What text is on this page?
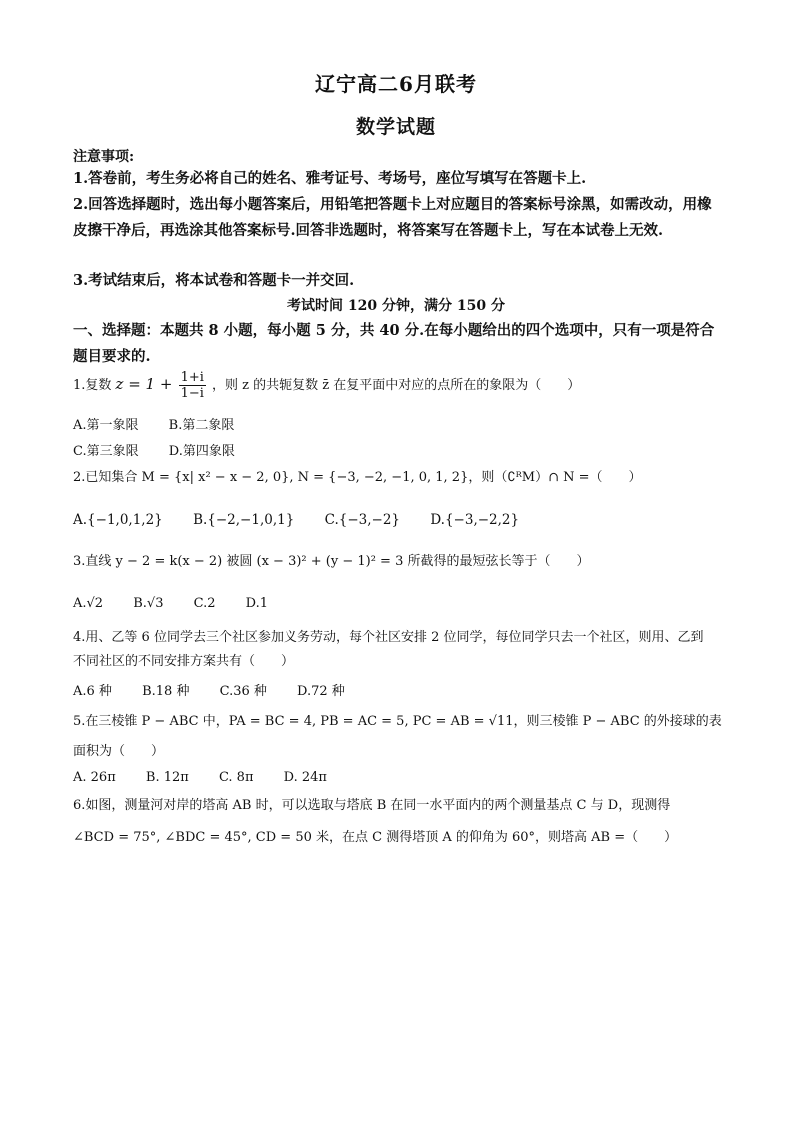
辽宁高二6月联考
数学试题
注意事项:
1.答卷前，考生务必将自己的姓名、雅考证号、考场号，座位写填写在答题卡上.
2.回答选择题时，选出每小题答案后，用铅笔把答题卡上对应题目的答案标号涂黑，如需改动，用橡皮擦干净后，再选涂其他答案标号.回答非选题时，将答案写在答题卡上，写在本试卷上无效.
3.考试结束后，将本试卷和答题卡一并交回.
考试时间 120 分钟，满分 150 分
一、选择题：本题共 8 小题，每小题 5 分，共 40 分.在每小题给出的四个选项中，只有一项是符合题目要求的.
1.复数 $z = 1 + \frac{1+i}{1-i}$ ，则 z 的共轭复数 z̄ 在复平面中对应的点所在的象限为（　　）
A.第一象限 B.第二象限
C.第三象限 D.第四象限
2.已知集合 M = {x| x² − x − 2, 0}, N = {−3, −2, −1, 0, 1, 2}，则（∁ᴿM）∩ N =（　　）
A.{−1,0,1,2} B.{−2,−1,0,1} C.{−3,−2} D.{−3,−2,2}
3.直线 y − 2 = k(x − 2) 被圆 (x − 3)² + (y − 1)² = 3 所截得的最短弦长等于（　　）
A.√2 B.√3 C.2 D.1
4.用、乙等 6 位同学去三个社区参加义务劳动，每个社区安排 2 位同学，每位同学只去一个社区，则用、乙到
不同社区的不同安排方案共有（　　）
A.6 种 B.18 种 C.36 种 D.72 种
5.在三棱锥 P − ABC 中，PA = BC = 4, PB = AC = 5, PC = AB = √11，则三棱锥 P − ABC 的外接球的表
面积为（　　）
A. 26π B. 12π C. 8π D. 24π
6.如图，测量河对岸的塔高 AB 时，可以选取与塔底 B 在同一水平面内的两个测量基点 C 与 D，现测得
∠BCD = 75°, ∠BDC = 45°, CD = 50 米，在点 C 测得塔顶 A 的仰角为 60°，则塔高 AB =（　　）
